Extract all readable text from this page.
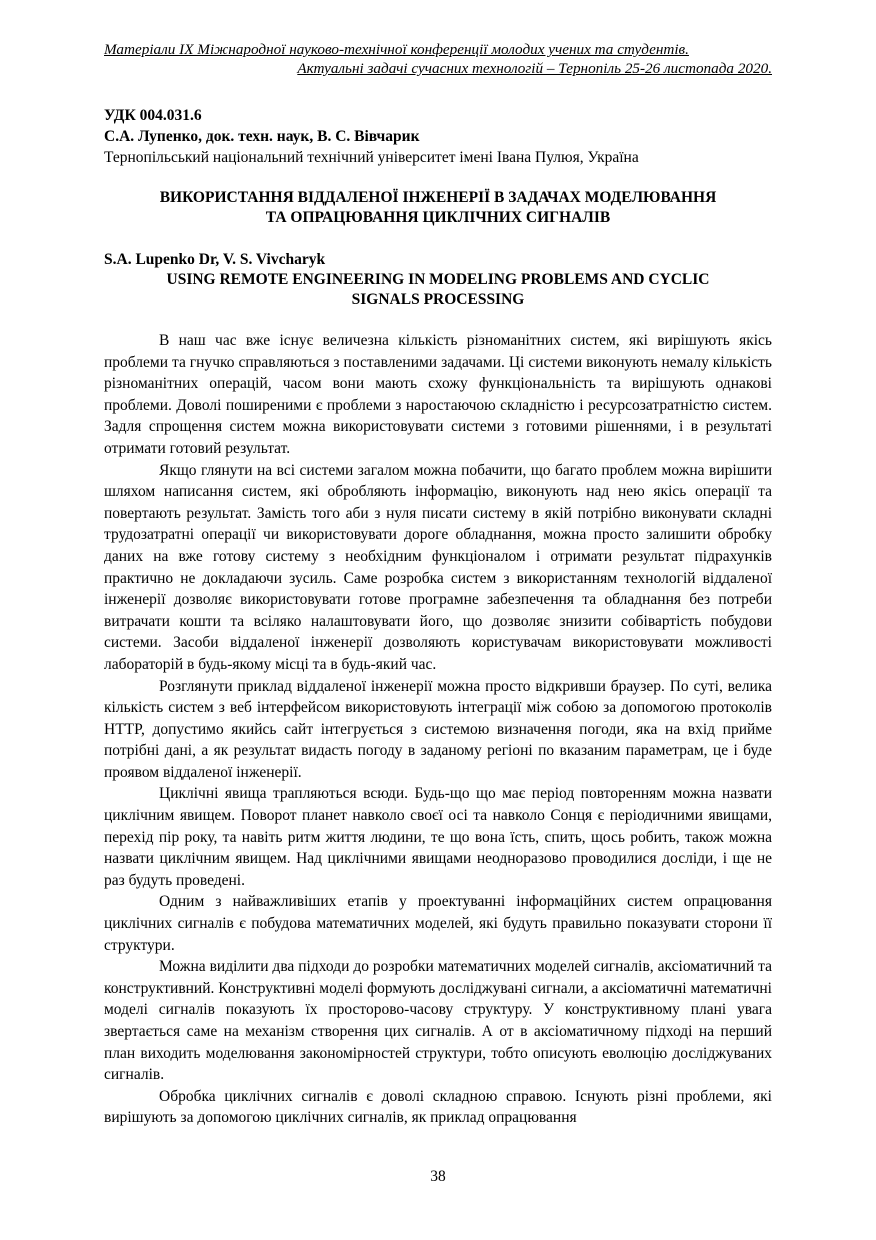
Матеріали IX Міжнародної науково-технічної конференції молодих учених та студентів.
Актуальні задачі сучасних технологій – Тернопіль 25-26 листопада 2020.
УДК 004.031.6
С.А. Лупенко, док. техн. наук, В. С. Вівчарик
Тернопільський національний технічний університет імені Івана Пулюя, Україна
ВИКОРИСТАННЯ ВІДДАЛЕНОЇ ІНЖЕНЕРІЇ В ЗАДАЧАХ МОДЕЛЮВАННЯ
ТА ОПРАЦЮВАННЯ ЦИКЛІЧНИХ СИГНАЛІВ
S.A. Lupenko Dr, V. S. Vivcharyk
USING REMOTE ENGINEERING IN MODELING PROBLEMS AND CYCLIC
SIGNALS PROCESSING

В наш час вже існує величезна кількість різноманітних систем, які вирішують якісь проблеми та гнучко справляються з поставленими задачами. Ці системи виконують немалу кількість різноманітних операцій, часом вони мають схожу функціональність та вирішують однакові проблеми. Доволі поширеними є проблеми з наростаючою складністю і ресурсозатратністю систем. Задля спрощення систем можна використовувати системи з готовими рішеннями, і в результаті отримати готовий результат.

Якщо глянути на всі системи загалом можна побачити, що багато проблем можна вирішити шляхом написання систем, які обробляють інформацію, виконують над нею якісь операції та повертають результат. Замість того аби з нуля писати систему в якій потрібно виконувати складні трудозатратні операції чи використовувати дороге обладнання, можна просто залишити обробку даних на вже готову систему з необхідним функціоналом і отримати результат підрахунків практично не докладаючи зусиль. Саме розробка систем з використанням технологій віддаленої інженерії дозволяє використовувати готове програмне забезпечення та обладнання без потреби витрачати кошти та всіляко налаштовувати його, що дозволяє знизити собівартість побудови системи. Засоби віддаленої інженерії дозволяють користувачам використовувати можливості лабораторій в будь-якому місці та в будь-який час.

Розглянути приклад віддаленої інженерії можна просто відкривши браузер. По суті, велика кількість систем з веб інтерфейсом використовують інтеграції між собою за допомогою протоколів HTTP, допустимо якийсь сайт інтегрується з системою визначення погоди, яка на вхід прийме потрібні дані, а як результат видасть погоду в заданому регіоні по вказаним параметрам, це і буде проявом віддаленої інженерії.

Циклічні явища трапляються всюди. Будь-що що має період повторенням можна назвати циклічним явищем. Поворот планет навколо своєї осі та навколо Сонця є періодичними явищами, перехід пір року, та навіть ритм життя людини, те що вона їсть, спить, щось робить, також можна назвати циклічним явищем. Над циклічними явищами неодноразово проводилися досліди, і ще не раз будуть проведені.

Одним з найважливіших етапів у проектуванні інформаційних систем опрацювання циклічних сигналів є побудова математичних моделей, які будуть правильно показувати сторони її структури.

Можна виділити два підходи до розробки математичних моделей сигналів, аксіоматичний та конструктивний. Конструктивні моделі формують досліджувані сигнали, а аксіоматичні математичні моделі сигналів показують їх просторово-часову структуру. У конструктивному плані увага звертається саме на механізм створення цих сигналів. А от в аксіоматичному підході на перший план виходить моделювання закономірностей структури, тобто описують еволюцію досліджуваних сигналів.

Обробка циклічних сигналів є доволі складною справою. Існують різні проблеми, які вирішують за допомогою циклічних сигналів, як приклад опрацювання

38
